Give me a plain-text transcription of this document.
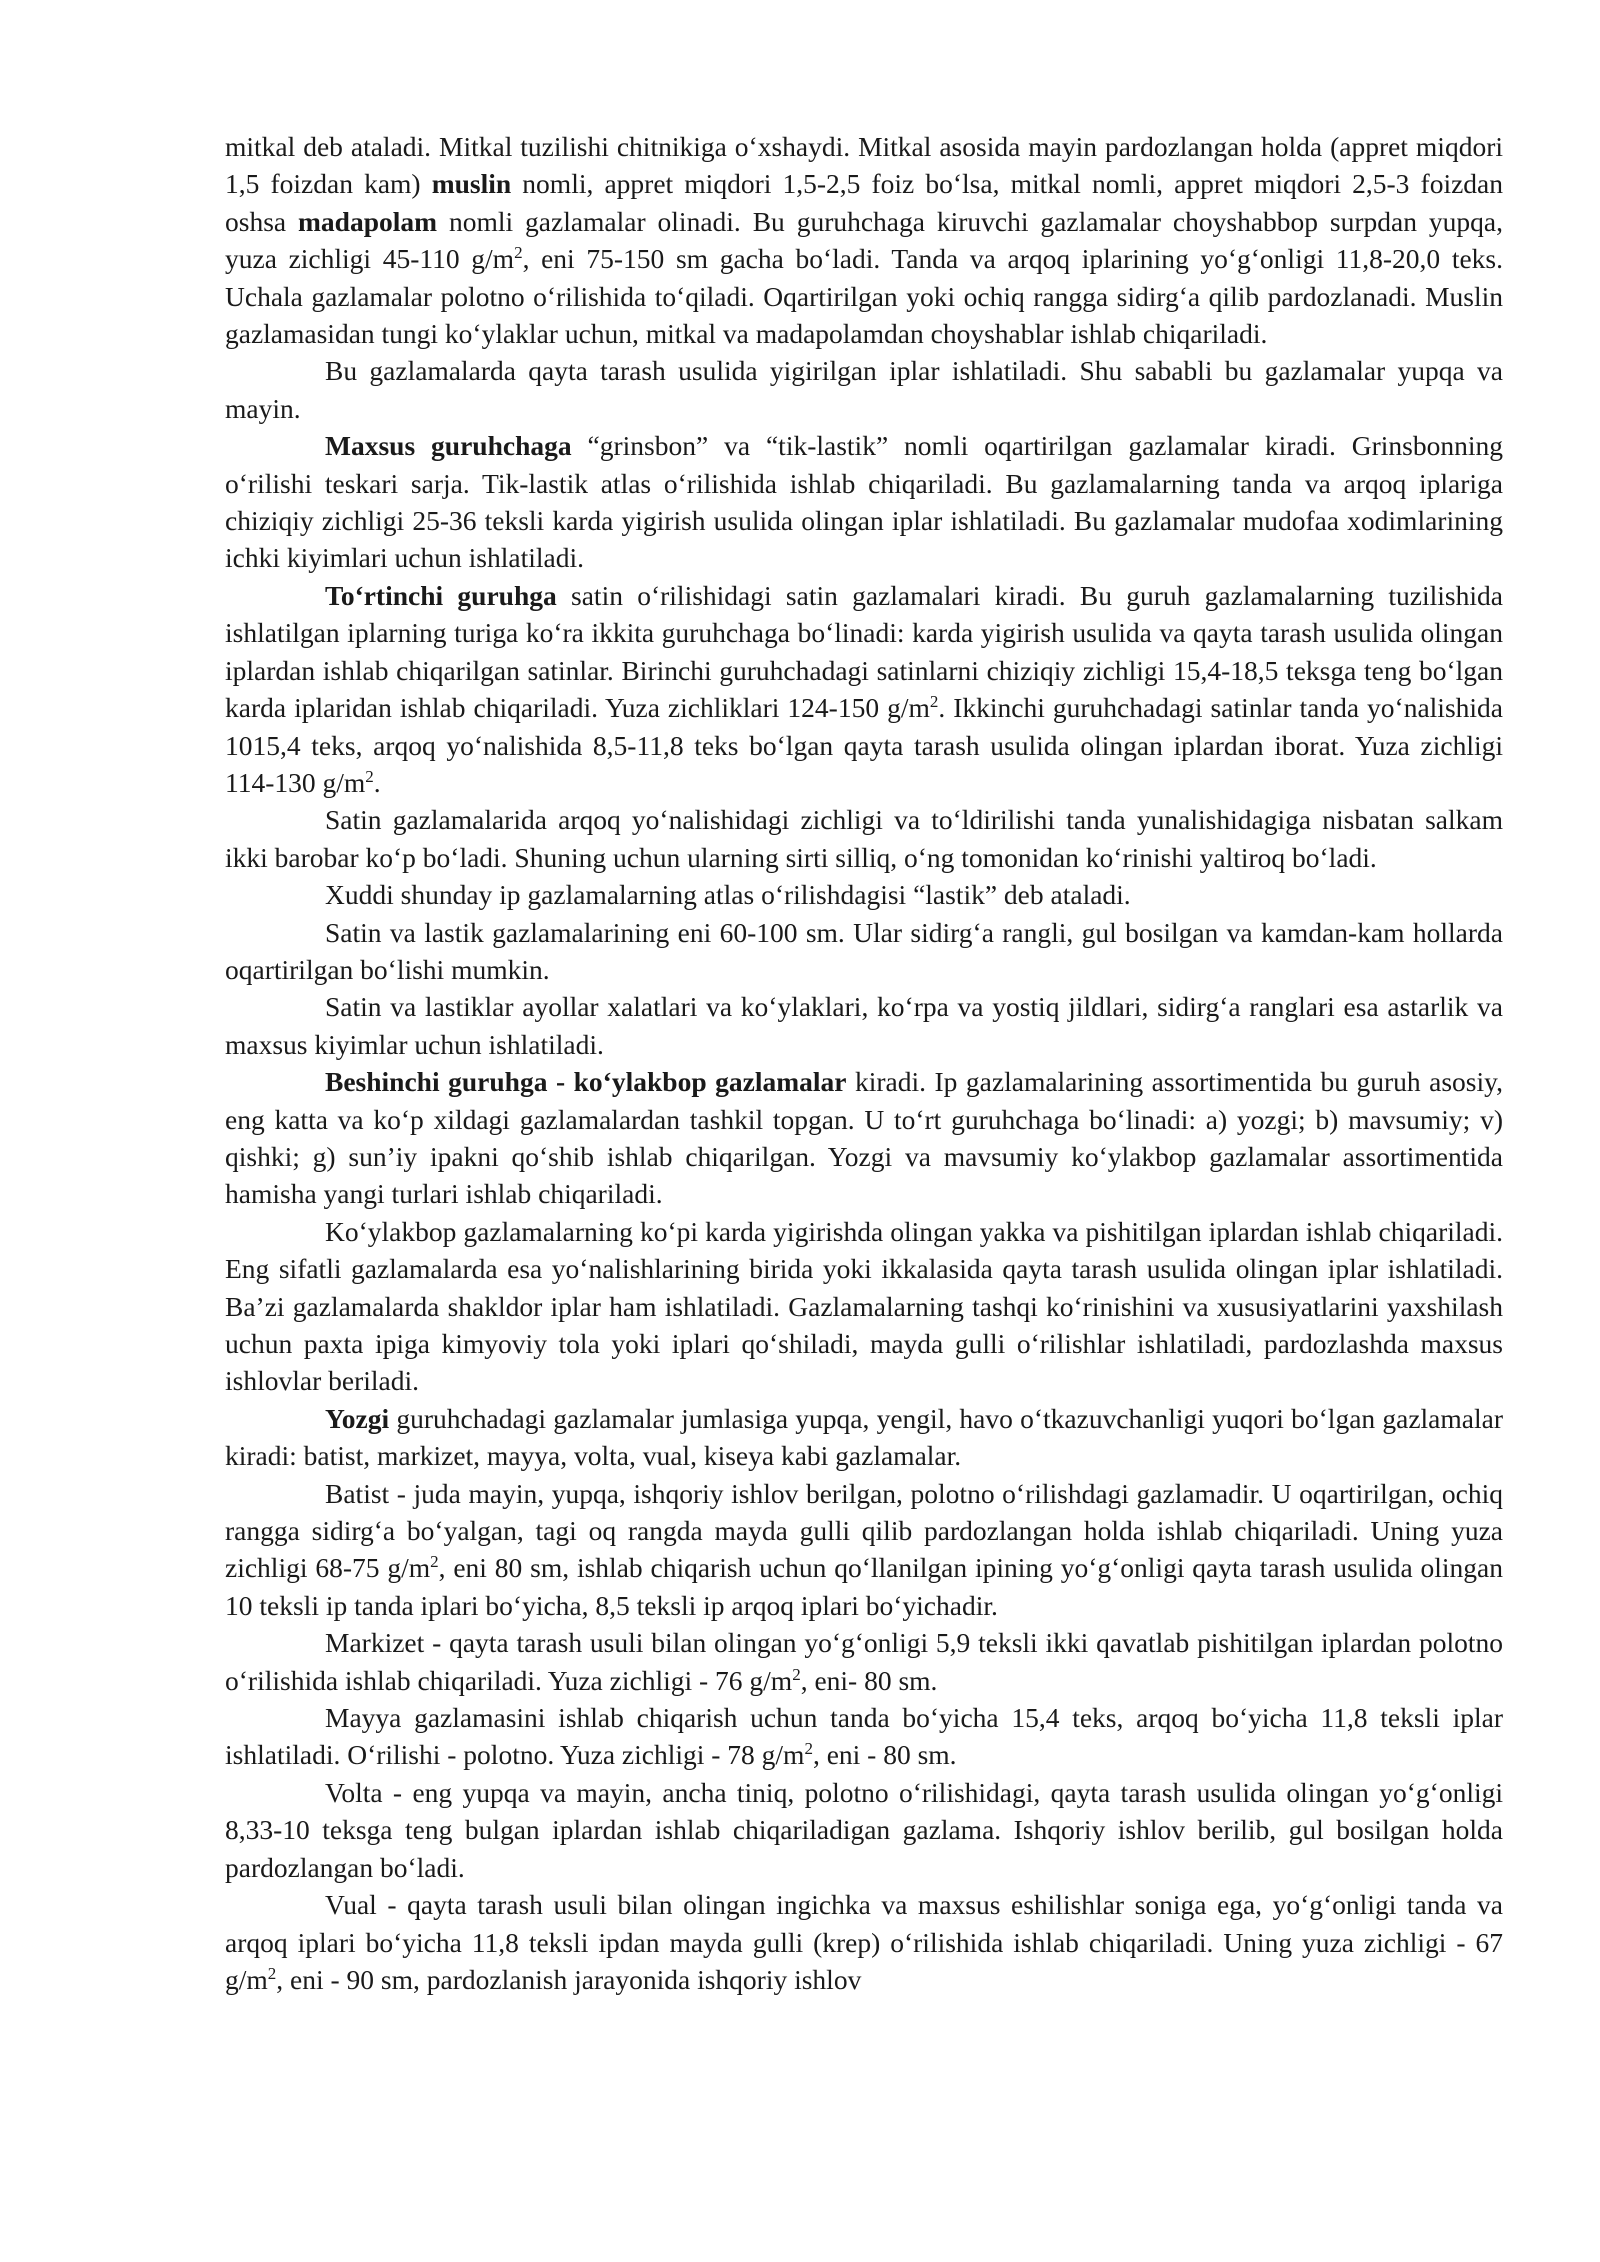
mitkal deb ataladi. Mitkal tuzilishi chitnikiga o‘xshaydi. Mitkal asosida mayin pardozlangan holda (appret miqdori 1,5 foizdan kam) muslin nomli, appret miqdori 1,5-2,5 foiz bo‘lsa, mitkal nomli, appret miqdori 2,5-3 foizdan oshsa madapolam nomli gazlamalar olinadi. Bu guruhchaga kiruvchi gazlamalar choyshabbop surpdan yupqa, yuza zichligi 45-110 $g/m^2$, eni 75-150 sm gacha bo‘ladi. Tanda va arqoq iplarining yo‘g‘onligi 11,8-20,0 teks. Uchala gazlamalar polotno o‘rilishida to‘qiladi. Oqartirilgan yoki ochiq rangga sidirg‘a qilib pardozlanadi. Muslin gazlamasidan tungi ko‘ylaklar uchun, mitkal va madapolamdan choyshablar ishlab chiqariladi.

Bu gazlamalarda qayta tarash usulida yigirilgan iplar ishlatiladi. Shu sababli bu gazlamalar yupqa va mayin.

Maxsus guruhchaga “grinsbon” va “tik-lastik” nomli oqartirilgan gazlamalar kiradi. Grinsbonning o‘rilishi teskari sarja. Tik-lastik atlas o‘rilishida ishlab chiqariladi. Bu gazlamalarning tanda va arqoq iplariga chiziqiy zichligi 25-36 teksli karda yigirish usulida olingan iplar ishlatiladi. Bu gazlamalar mudofaa xodimlarining ichki kiyimlari uchun ishlatiladi.

To‘rtinchi guruhga satin o‘rilishidagi satin gazlamalari kiradi. Bu guruh gazlamalarning tuzilishida ishlatilgan iplarning turiga ko‘ra ikkita guruhchaga bo‘linadi: karda yigirish usulida va qayta tarash usulida olingan iplardan ishlab chiqarilgan satinlar. Birinchi guruhchadagi satinlarni chiziqiy zichligi 15,4-18,5 teksga teng bo‘lgan karda iplaridan ishlab chiqariladi. Yuza zichliklari 124-150 $g/m^2$. Ikkinchi guruhchadagi satinlar tanda yo‘nalishida 1015,4 teks, arqoq yo‘nalishida 8,5-11,8 teks bo‘lgan qayta tarash usulida olingan iplardan iborat. Yuza zichligi 114-130 $g/m^2$.

Satin gazlamalarida arqoq yo‘nalishidagi zichligi va to‘ldirilishi tanda yunalishidagiga nisbatan salkam ikki barobar ko‘p bo‘ladi. Shuning uchun ularning sirti silliq, o‘ng tomonidan ko‘rinishi yaltiroq bo‘ladi.

Xuddi shunday ip gazlamalarning atlas o‘rilishdagisi “lastik” deb ataladi.

Satin va lastik gazlamalarining eni 60-100 sm. Ular sidirg‘a rangli, gul bosilgan va kamdan-kam hollarda oqartirilgan bo‘lishi mumkin.

Satin va lastiklar ayollar xalatlari va ko‘ylaklari, ko‘rpa va yostiq jildlari, sidirg‘a ranglari esa astarlik va maxsus kiyimlar uchun ishlatiladi.

Beshinchi guruhga - ko‘ylakbop gazlamalar kiradi. Ip gazlamalarining assortimentida bu guruh asosiy, eng katta va ko‘p xildagi gazlamalardan tashkil topgan. U to‘rt guruhchaga bo‘linadi: a) yozgi; b) mavsumiy; v) qishki; g) sun’iy ipakni qo‘shib ishlab chiqarilgan. Yozgi va mavsumiy ko‘ylakbop gazlamalar assortimentida hamisha yangi turlari ishlab chiqariladi.

Ko‘ylakbop gazlamalarning ko‘pi karda yigirishda olingan yakka va pishitilgan iplardan ishlab chiqariladi. Eng sifatli gazlamalarda esa yo‘nalishlarining birida yoki ikkalasida qayta tarash usulida olingan iplar ishlatiladi. Ba’zi gazlamalarda shakldor iplar ham ishlatiladi. Gazlamalarning tashqi ko‘rinishini va xususiyatlarini yaxshilash uchun paxta ipiga kimyoviy tola yoki iplari qo‘shiladi, mayda gulli o‘rilishlar ishlatiladi, pardozlashda maxsus ishlovlar beriladi.

Yozgi guruhchadagi gazlamalar jumlasiga yupqa, yengil, havo o‘tkazuvchanligi yuqori bo‘lgan gazlamalar kiradi: batist, markizet, mayya, volta, vual, kiseya kabi gazlamalar.

Batist - juda mayin, yupqa, ishqoriy ishlov berilgan, polotno o‘rilishdagi gazlamadir. U oqartirilgan, ochiq rangga sidirg‘a bo‘yalgan, tagi oq rangda mayda gulli qilib pardozlangan holda ishlab chiqariladi. Uning yuza zichligi 68-75 $g/m^2$, eni 80 sm, ishlab chiqarish uchun qo‘llanilgan ipining yo‘g‘onligi qayta tarash usulida olingan 10 teksli ip tanda iplari bo‘yicha, 8,5 teksli ip arqoq iplari bo‘yichadir.

Markizet - qayta tarash usuli bilan olingan yo‘g‘onligi 5,9 teksli ikki qavatlab pishitilgan iplardan polotno o‘rilishida ishlab chiqariladi. Yuza zichligi - 76 $g/m^2$, eni- 80 sm.

Mayya gazlamasini ishlab chiqarish uchun tanda bo‘yicha 15,4 teks, arqoq bo‘yicha 11,8 teksli iplar ishlatiladi. O‘rilishi - polotno. Yuza zichligi - 78 $g/m^2$, eni - 80 sm.

Volta - eng yupqa va mayin, ancha tiniq, polotno o‘rilishidagi, qayta tarash usulida olingan yo‘g‘onligi 8,33-10 teksga teng bulgan iplardan ishlab chiqariladigan gazlama. Ishqoriy ishlov berilib, gul bosilgan holda pardozlangan bo‘ladi.

Vual - qayta tarash usuli bilan olingan ingichka va maxsus eshilishlar soniga ega, yo‘g‘onligi tanda va arqoq iplari bo‘yicha 11,8 teksli ipdan mayda gulli (krep) o‘rilishida ishlab chiqariladi. Uning yuza zichligi - 67 $g/m^2$, eni - 90 sm, pardozlanish jarayonida ishqoriy ishlov
